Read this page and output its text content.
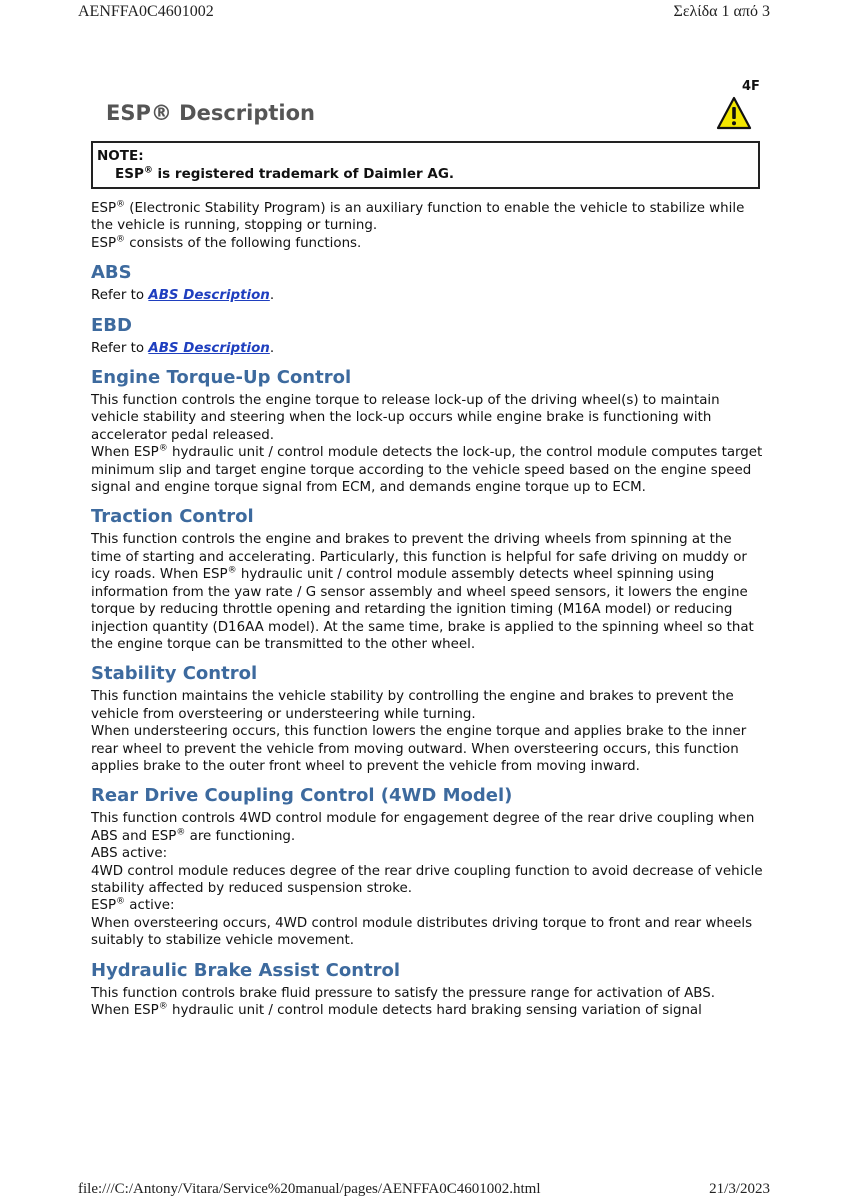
AENFFA0C4601002	Σελίδα 1 από 3
4F
ESP® Description
NOTE:
ESP® is registered trademark of Daimler AG.

ESP® (Electronic Stability Program) is an auxiliary function to enable the vehicle to stabilize while the vehicle is running, stopping or turning.

ESP® consists of the following functions.

ABS

Refer to ABS Description.

EBD

Refer to ABS Description.

Engine Torque-Up Control

This function controls the engine torque to release lock-up of the driving wheel(s) to maintain vehicle stability and steering when the lock-up occurs while engine brake is functioning with accelerator pedal released.

When ESP® hydraulic unit / control module detects the lock-up, the control module computes target minimum slip and target engine torque according to the vehicle speed based on the engine speed signal and engine torque signal from ECM, and demands engine torque up to ECM.

Traction Control

This function controls the engine and brakes to prevent the driving wheels from spinning at the time of starting and accelerating. Particularly, this function is helpful for safe driving on muddy or icy roads. When ESP® hydraulic unit / control module assembly detects wheel spinning using information from the yaw rate / G sensor assembly and wheel speed sensors, it lowers the engine torque by reducing throttle opening and retarding the ignition timing (M16A model) or reducing injection quantity (D16AA model). At the same time, brake is applied to the spinning wheel so that the engine torque can be transmitted to the other wheel.

Stability Control

This function maintains the vehicle stability by controlling the engine and brakes to prevent the vehicle from oversteering or understeering while turning.

When understeering occurs, this function lowers the engine torque and applies brake to the inner rear wheel to prevent the vehicle from moving outward. When oversteering occurs, this function applies brake to the outer front wheel to prevent the vehicle from moving inward.

Rear Drive Coupling Control (4WD Model)

This function controls 4WD control module for engagement degree of the rear drive coupling when ABS and ESP® are functioning.

ABS active:

4WD control module reduces degree of the rear drive coupling function to avoid decrease of vehicle stability affected by reduced suspension stroke.

ESP® active:

When oversteering occurs, 4WD control module distributes driving torque to front and rear wheels suitably to stabilize vehicle movement.

Hydraulic Brake Assist Control

This function controls brake fluid pressure to satisfy the pressure range for activation of ABS.

When ESP® hydraulic unit / control module detects hard braking sensing variation of signal

file:///C:/Antony/Vitara/Service%20manual/pages/AENFFA0C4601002.html	21/3/2023
